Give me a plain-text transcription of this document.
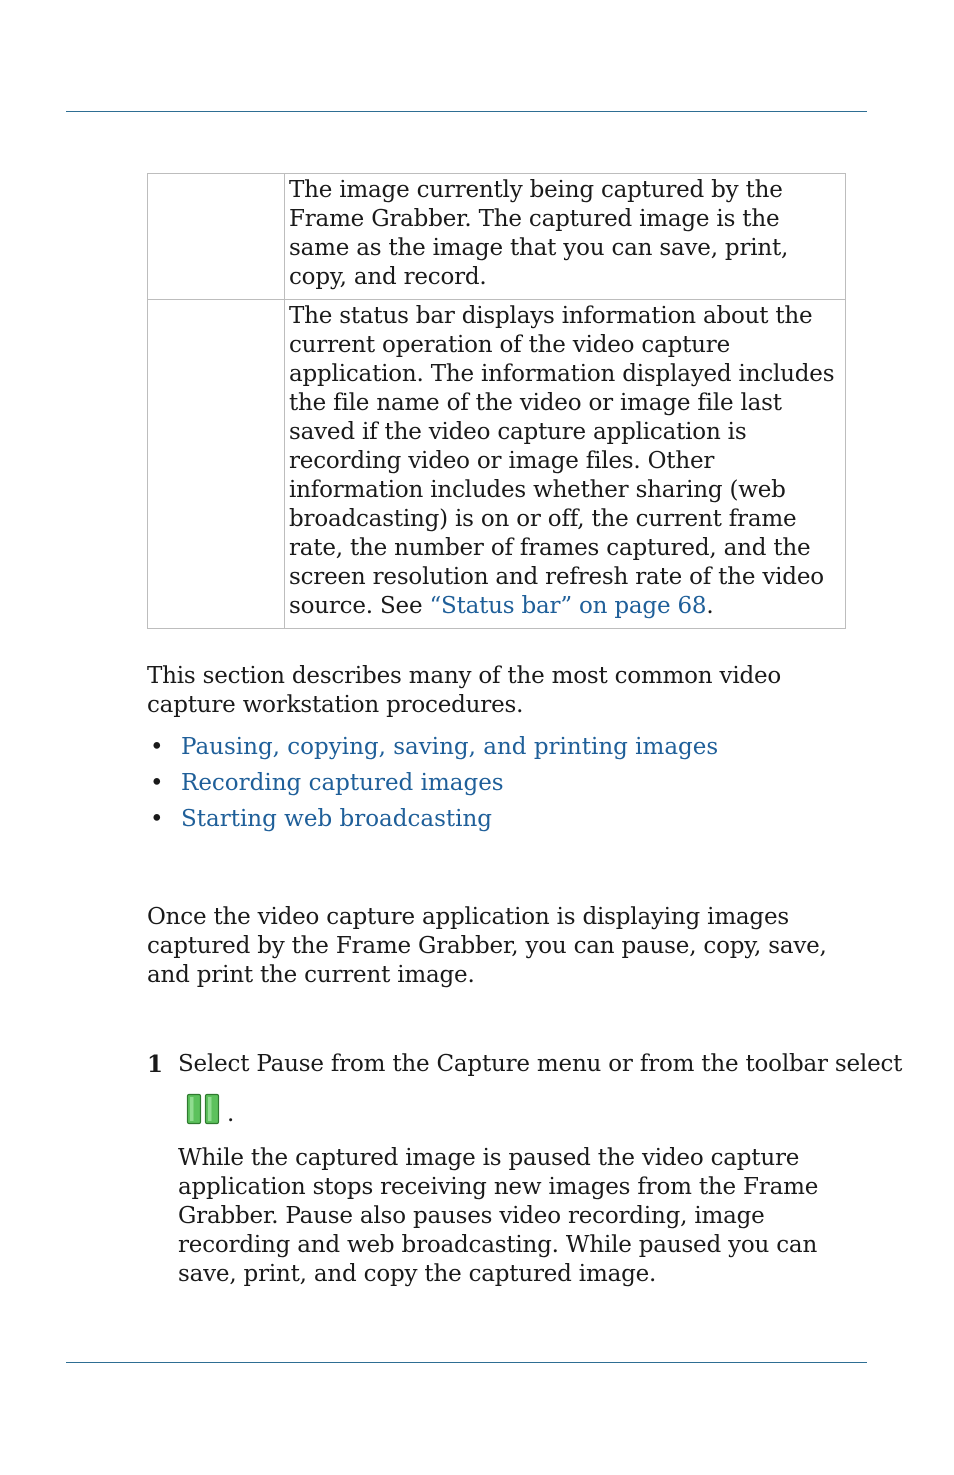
	The image currently being captured by the Frame Grabber. The captured image is the same as the image that you can save, print, copy, and record.
	The status bar displays information about the current operation of the video capture application. The information displayed includes the file name of the video or image file last saved if the video capture application is recording video or image files. Other information includes whether sharing (web broadcasting) is on or off, the current frame rate, the number of frames captured, and the screen resolution and refresh rate of the video source. See “Status bar” on page 68.

This section describes many of the most common video capture workstation procedures.

• Pausing, copying, saving, and printing images
• Recording captured images
• Starting web broadcasting

Once the video capture application is displaying images captured by the Frame Grabber, you can pause, copy, save, and print the current image.

1 Select Pause from the Capture menu or from the toolbar select
.

While the captured image is paused the video capture application stops receiving new images from the Frame Grabber. Pause also pauses video recording, image recording and web broadcasting. While paused you can save, print, and copy the captured image.
